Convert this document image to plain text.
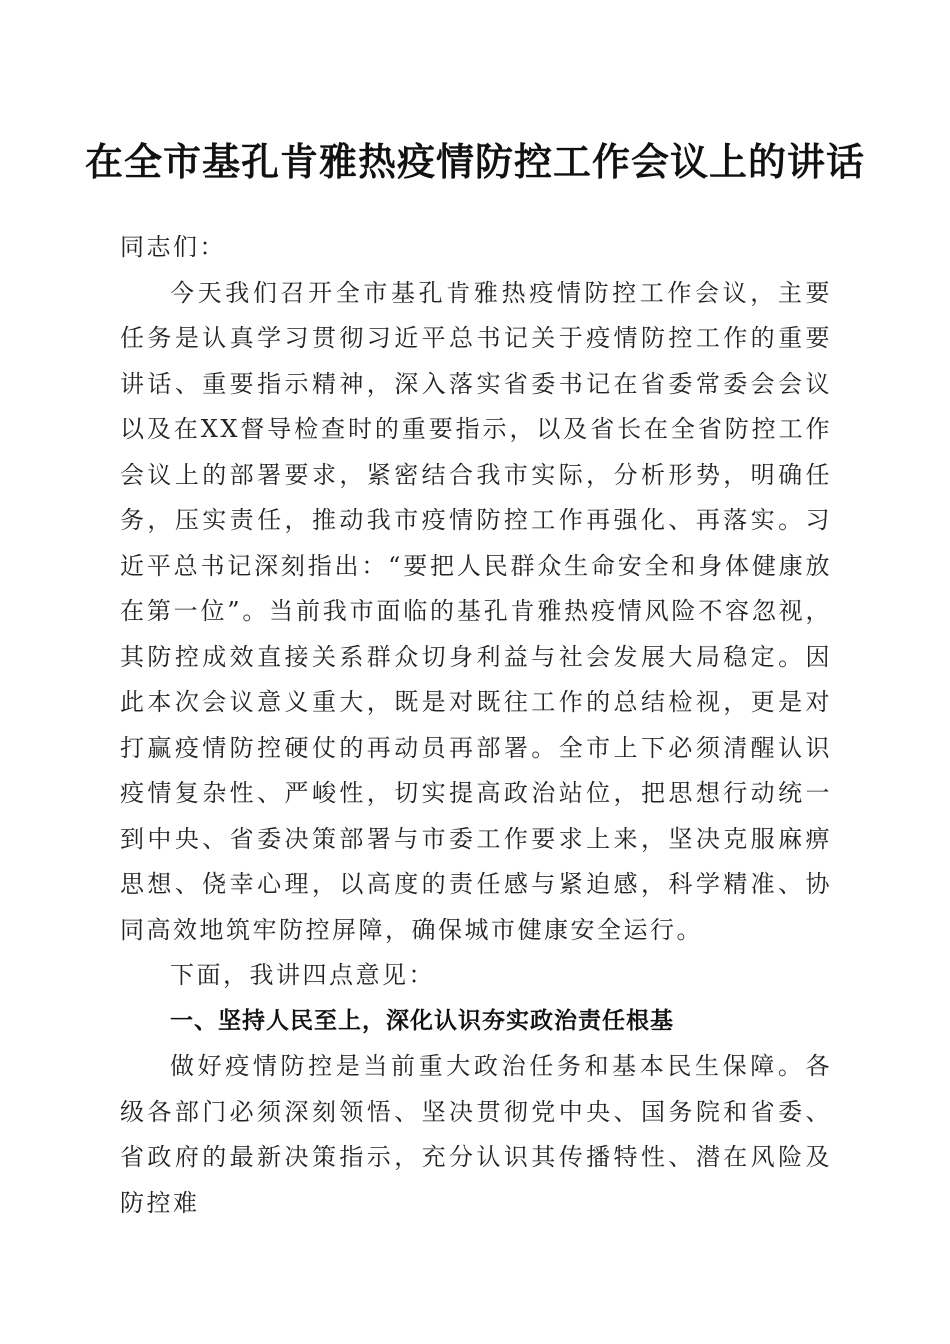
在全市基孔肯雅热疫情防控工作会议上的讲话

同志们：

今天我们召开全市基孔肯雅热疫情防控工作会议，主要任务是认真学习贯彻习近平总书记关于疫情防控工作的重要讲话、重要指示精神，深入落实省委书记在省委常委会会议以及在XX督导检查时的重要指示，以及省长在全省防控工作会议上的部署要求，紧密结合我市实际，分析形势，明确任务，压实责任，推动我市疫情防控工作再强化、再落实。习近平总书记深刻指出：“要把人民群众生命安全和身体健康放在第一位”。当前我市面临的基孔肯雅热疫情风险不容忽视，其防控成效直接关系群众切身利益与社会发展大局稳定。因此本次会议意义重大，既是对既往工作的总结检视，更是对打赢疫情防控硬仗的再动员再部署。全市上下必须清醒认识疫情复杂性、严峻性，切实提高政治站位，把思想行动统一到中央、省委决策部署与市委工作要求上来，坚决克服麻痹思想、侥幸心理，以高度的责任感与紧迫感，科学精准、协同高效地筑牢防控屏障，确保城市健康安全运行。

下面，我讲四点意见：

一、坚持人民至上，深化认识夯实政治责任根基

做好疫情防控是当前重大政治任务和基本民生保障。各级各部门必须深刻领悟、坚决贯彻党中央、国务院和省委、省政府的最新决策指示，充分认识其传播特性、潜在风险及防控难
